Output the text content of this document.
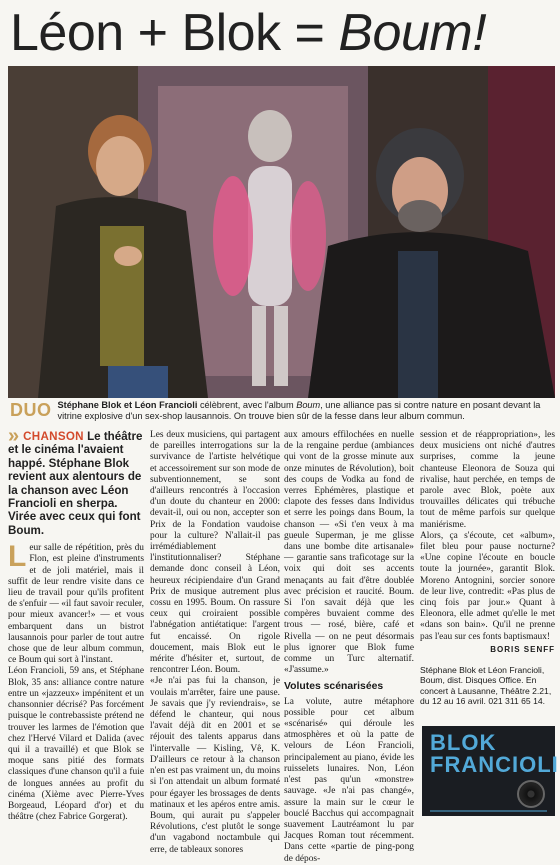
Léon + Blok = Boum!
DUO Stéphane Blok et Léon Francioli célèbrent, avec l'album Boum, une alliance pas si contre nature en posant devant la vitrine explosive d'un sex-shop lausannois. On trouve bien sûr de la fesse dans leur album commun.
» CHANSON Le théâtre et le cinéma l'avaient happé. Stéphane Blok revient aux alentours de la chanson avec Léon Francioli en sherpa. Virée avec ceux qui font Boum.

Leur salle de répétition, près du Flon, est pleine d'instruments et de joli matériel, mais il suffit de leur rendre visite dans ce lieu de travail pour qu'ils profitent de s'enfuir — «il faut savoir reculer, pour mieux avancer!» — et vous embarquent dans un bistrot lausannois pour parler de tout autre chose que de leur album commun, ce Boum qui sort à l'instant.

Léon Francioli, 59 ans, et Stéphane Blok, 35 ans: alliance contre nature entre un «jazzeux» impénitent et un chansonnier décrisé? Pas forcément puisque le contrebassiste prétend ne trouver les larmes de l'émotion que chez l'Hervé Vilard et Dalida (avec qui il a travaillé) et que Blok se moque sans pitié des formats classiques d'une chanson qu'il a fuie de longues années au profit du cinéma (Xième avec Pierre-Yves Borgeaud, Léopard d'or) et du théâtre (chez Fabrice Gorgerat).

Les deux musiciens, qui partagent de pareilles interrogations sur la survivance de l'artiste helvétique et accessoirement sur son mode de subventionnement, se sont d'ailleurs rencontrés à l'occasion d'un doute du chanteur en 2000: devait-il, oui ou non, accepter son Prix de la Fondation vaudoise pour la culture? N'allait-il pas irrémédiablement l'institutionnaliser? Stéphane demande donc conseil à Léon, heureux récipiendaire d'un Grand Prix de musique autrement plus cossu en 1995. Boum. On rassure ceux qui croiraient possible l'abnégation antiétatique: l'argent fut encaissé. On rigole doucement, mais Blok eut le mérite d'hésiter et, surtout, de rencontrer Léon. Boum.

«Je n'ai pas fui la chanson, je voulais m'arrêter, faire une pause. Je savais que j'y reviendrais», se défend le chanteur, qui nous l'avait déjà dit en 2001 et se réjouit des talents apparus dans l'intervalle — Kisling, Vê, K. D'ailleurs ce retour à la chanson n'en est pas vraiment un, du moins si l'on attendait un album formaté pour égayer les brossages de dents matinaux et les apéros entre amis. Boum, qui aurait pu s'appeler Révolutions, c'est plutôt le songe d'un vagabond noctambule qui erre, de tableaux sonores

aux amours effilochées en nuelle de la rengaine perdue (ambiances qui vont de la grosse minute aux onze minutes de Révolution), boit des coups de Vodka au fond de verres Ephémères, plastique et clapote des fesses dans Individus et serre les poings dans Boum, la chanson — «Si t'en veux à ma gueule Superman, je me glisse dans une bombe dite artisanale» — garantie sans traficotage sur la voix qui doit ses accents menaçants au fait d'être doublée avec précision et raucité. Boum. Si l'on savait déjà que les compères buvaient comme des trous — rosé, bière, café et Rivella — on ne peut désormais plus ignorer que Blok fume comme un Turc alternatif. «J'assume.»

Volutes scénarisées

La volute, autre métaphore possible pour cet album «scénarisé» qui déroule les atmosphères et où la patte de velours de Léon Francioli, principalement au piano, évide les ruisselets lunaires. Non, Léon n'est pas qu'un «monstre» sauvage. «Je n'ai pas changé», assure la main sur le cœur le bouclé Bacchus qui accompagnait suavement Lautréamont lu par Jacques Roman tout récemment. Dans cette «partie de ping-pong de dépos-

session et de réappropriation», les deux musiciens ont niché d'autres surprises, comme la jeune chanteuse Eleonora de Souza qui rivalise, haut perchée, en temps de parole avec Blok, poète aux trouvailles délicates qui trébuche tout de même parfois sur quelque maniérisme.

Alors, ça s'écoute, cet «album», filet bleu pour pause nocturne? «Une copine l'écoute en boucle toute la journée», garantit Blok. Moreno Antognini, sorcier sonore de leur live, contredit: «Pas plus de cinq fois par jour.» Quant à Eleonora, elle admet qu'elle le met «dans son bain». Qu'il ne prenne pas l'eau sur ces fonts baptismaux!

BORIS SENFF
Stéphane Blok et Léon Francioli, Boum, dist. Disques Office. En concert à Lausanne, Théâtre 2.21, du 12 au 16 avril. 021 311 65 14.
BLOK
FRANCIOLI
